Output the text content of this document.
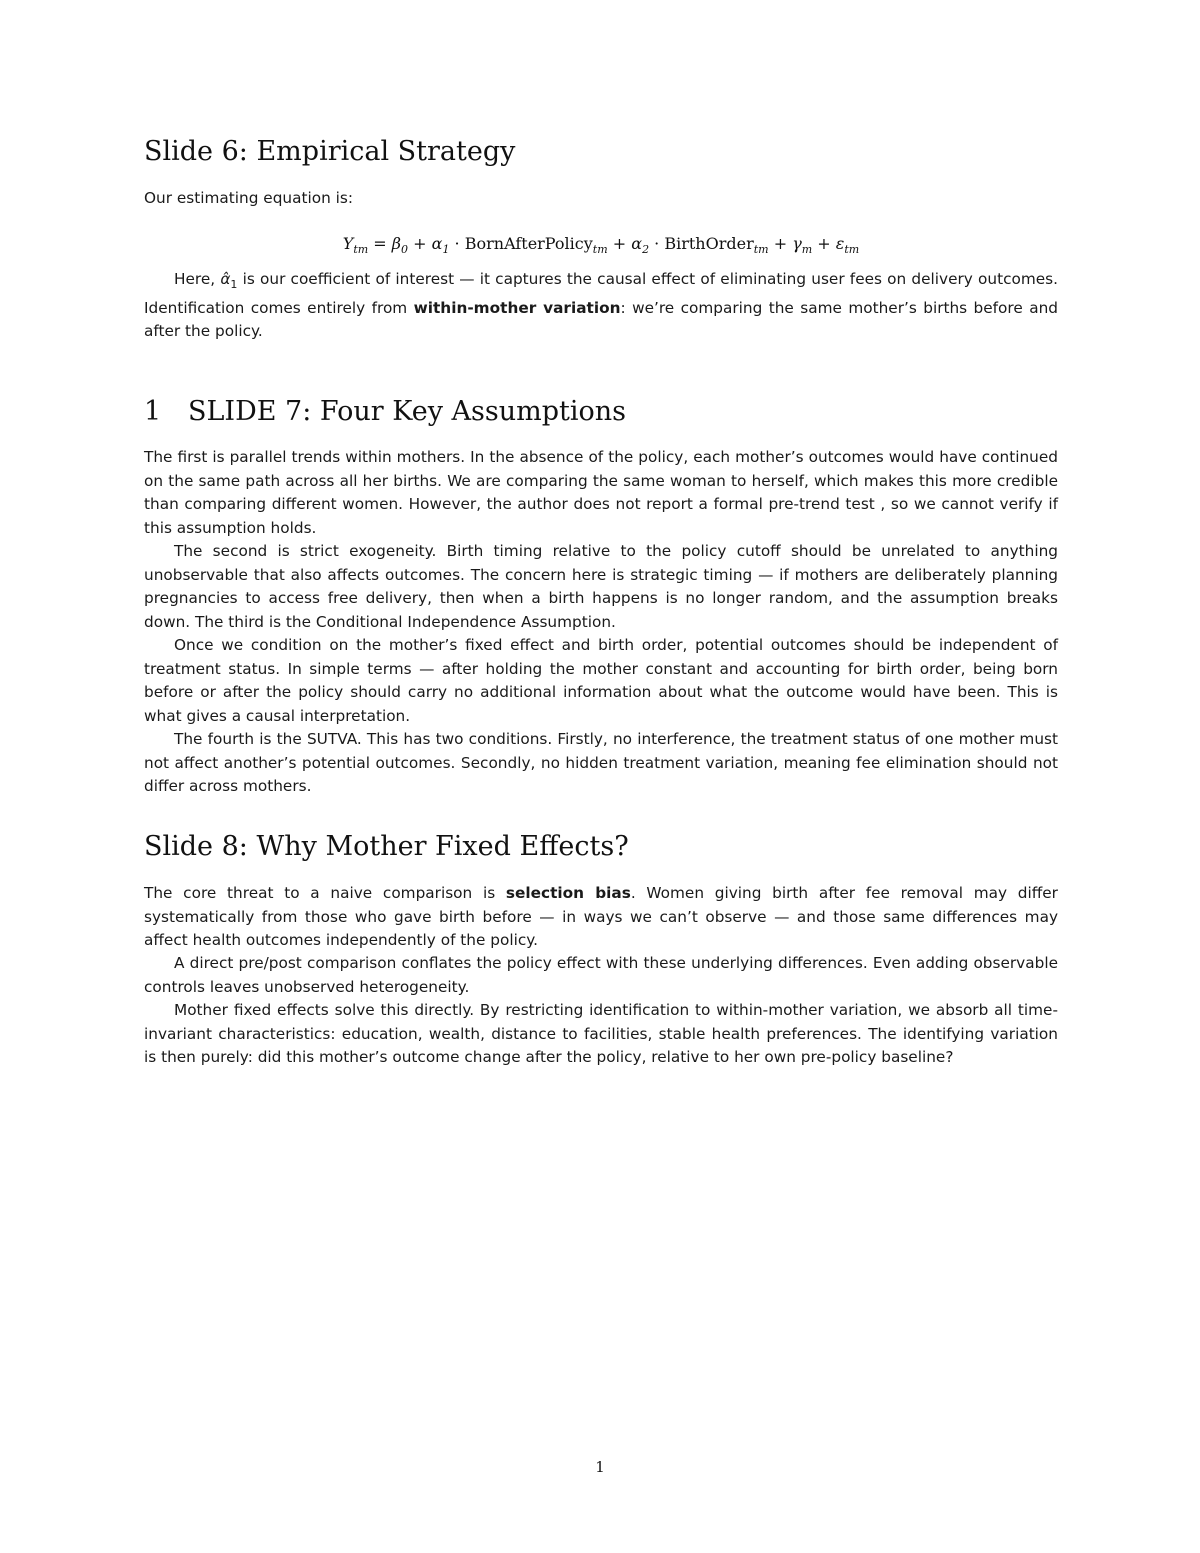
Slide 6: Empirical Strategy

Our estimating equation is:

$Y_{tm} = \beta_0 + \alpha_1$ · BornAfterPolicy$_{tm}$ + $\alpha_2$ · BirthOrder$_{tm}$ + $\gamma_m + \varepsilon_{tm}$

Here, $\alphâ_1$ is our coefficient of interest — it captures the causal effect of eliminating user fees on delivery outcomes. Identification comes entirely from within-mother variation: we’re comparing the same mother’s births before and after the policy.

1 SLIDE 7: Four Key Assumptions

The first is parallel trends within mothers. In the absence of the policy, each mother’s outcomes would have continued on the same path across all her births. We are comparing the same woman to herself, which makes this more credible than comparing different women. However, the author does not report a formal pre-trend test , so we cannot verify if this assumption holds.

The second is strict exogeneity. Birth timing relative to the policy cutoff should be unrelated to anything unobservable that also affects outcomes. The concern here is strategic timing — if mothers are deliberately planning pregnancies to access free delivery, then when a birth happens is no longer random, and the assumption breaks down. The third is the Conditional Independence Assumption.

Once we condition on the mother’s fixed effect and birth order, potential outcomes should be independent of treatment status. In simple terms — after holding the mother constant and accounting for birth order, being born before or after the policy should carry no additional information about what the outcome would have been. This is what gives a causal interpretation.

The fourth is the SUTVA. This has two conditions. Firstly, no interference, the treatment status of one mother must not affect another’s potential outcomes. Secondly, no hidden treatment variation, meaning fee elimination should not differ across mothers.

Slide 8: Why Mother Fixed Effects?

The core threat to a naive comparison is selection bias. Women giving birth after fee removal may differ systematically from those who gave birth before — in ways we can’t observe — and those same differences may affect health outcomes independently of the policy.

A direct pre/post comparison conflates the policy effect with these underlying differences. Even adding observable controls leaves unobserved heterogeneity.

Mother fixed effects solve this directly. By restricting identification to within-mother variation, we absorb all time-invariant characteristics: education, wealth, distance to facilities, stable health preferences. The identifying variation is then purely: did this mother’s outcome change after the policy, relative to her own pre-policy baseline?

1
